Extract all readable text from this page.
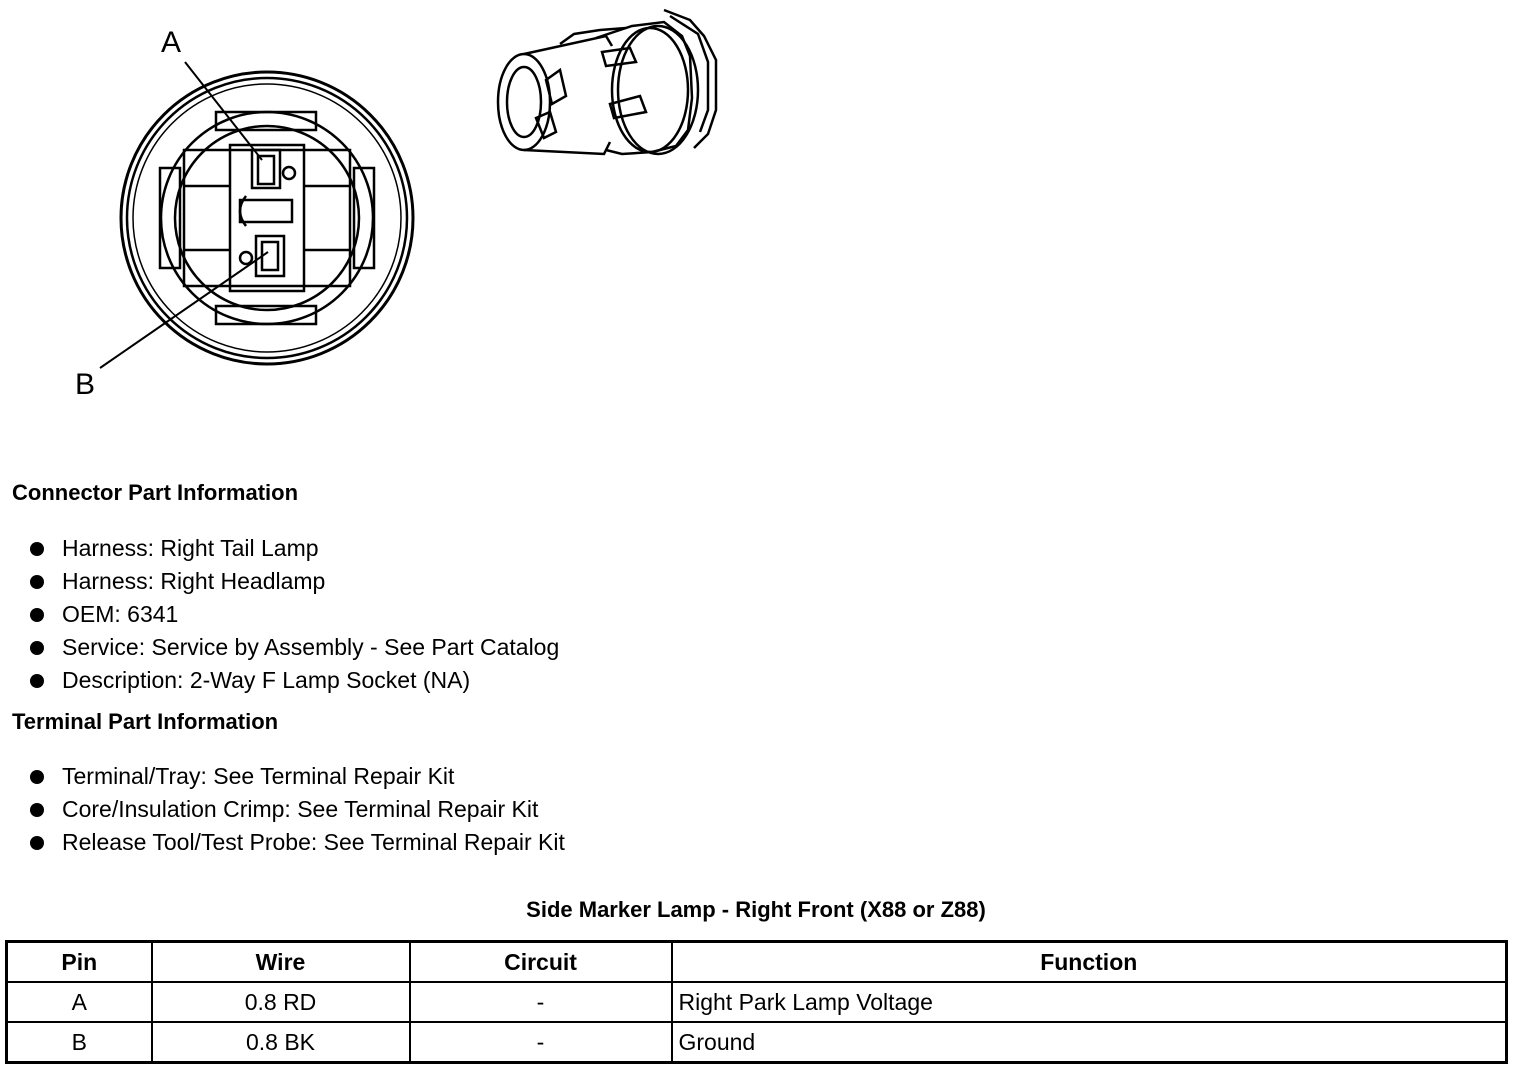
A
B
Connector Part Information
Harness: Right Tail Lamp
Harness: Right Headlamp
OEM: 6341
Service: Service by Assembly - See Part Catalog
Description: 2-Way F Lamp Socket (NA)
Terminal Part Information
Terminal/Tray: See Terminal Repair Kit
Core/Insulation Crimp: See Terminal Repair Kit
Release Tool/Test Probe: See Terminal Repair Kit
Side Marker Lamp - Right Front (X88 or Z88)
Pin	Wire	Circuit	Function
A	0.8 RD	-	Right Park Lamp Voltage
B	0.8 BK	-	Ground
